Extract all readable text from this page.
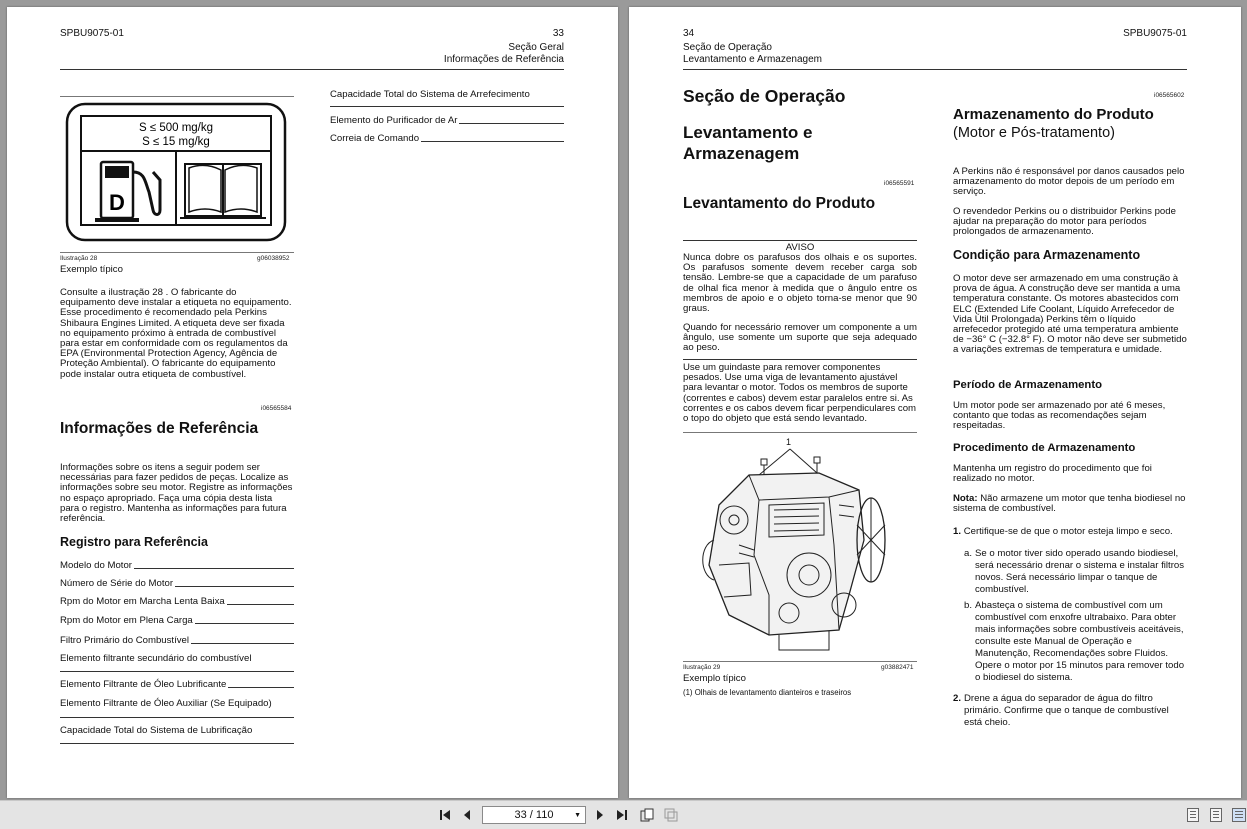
SPBU9075-01	33
Seção Geral
Informações de Referência
S ≤ 500 mg/kg
S ≤ 15 mg/kg
D
Ilustração 28	g06038952
Exemplo típico
Consulte a ilustração 28 . O fabricante do equipamento deve instalar a etiqueta no equipamento. Esse procedimento é recomendado pela Perkins Shibaura Engines Limited. A etiqueta deve ser fixada no equipamento próximo à entrada de combustível para estar em conformidade com os regulamentos da EPA (Environmental Protection Agency, Agência de Proteção Ambiental). O fabricante do equipamento pode instalar outra etiqueta de combustível.
i06565584
Informações de Referência
Informações sobre os itens a seguir podem ser necessárias para fazer pedidos de peças. Localize as informações sobre seu motor. Registre as informações no espaço apropriado. Faça uma cópia desta lista para o registro. Mantenha as informações para futura referência.
Registro para Referência
Modelo do Motor
Número de Série do Motor
Rpm do Motor em Marcha Lenta Baixa
Rpm do Motor em Plena Carga
Filtro Primário do Combustível
Elemento filtrante secundário do combustível
Elemento Filtrante de Óleo Lubrificante
Elemento Filtrante de Óleo Auxiliar (Se Equipado)
Capacidade Total do Sistema de Lubrificação
Capacidade Total do Sistema de Arrefecimento
Elemento do Purificador de Ar
Correia de Comando
34	SPBU9075-01
Seção de Operação
Levantamento e Armazenagem
Seção de Operação
Levantamento e Armazenagem
i06565591
Levantamento do Produto
AVISO
Nunca dobre os parafusos dos olhais e os suportes. Os parafusos somente devem receber carga sob tensão. Lembre-se que a capacidade de um parafuso de olhal fica menor à medida que o ângulo entre os membros de apoio e o objeto torna-se menor que 90 graus.
Quando for necessário remover um componente a um ângulo, use somente um suporte que seja adequado ao peso.
Use um guindaste para remover componentes pesados. Use uma viga de levantamento ajustável para levantar o motor. Todos os membros de suporte (correntes e cabos) devem estar paralelos entre si. As correntes e os cabos devem ficar perpendiculares com o topo do objeto que está sendo levantado.
1
Ilustração 29	g03882471
Exemplo típico
(1) Olhais de levantamento dianteiros e traseiros
i06565602
Armazenamento do Produto
(Motor e Pós-tratamento)
A Perkins não é responsável por danos causados pelo armazenamento do motor depois de um período em serviço.
O revendedor Perkins ou o distribuidor Perkins pode ajudar na preparação do motor para períodos prolongados de armazenamento.
Condição para Armazenamento
O motor deve ser armazenado em uma construção à prova de água. A construção deve ser mantida a uma temperatura constante. Os motores abastecidos com ELC (Extended Life Coolant, Líquido Arrefecedor de Vida Útil Prolongada) Perkins têm o líquido arrefecedor protegido até uma temperatura ambiente de −36° C (−32.8° F). O motor não deve ser submetido a variações extremas de temperatura e umidade.
Período de Armazenamento
Um motor pode ser armazenado por até 6 meses, contanto que todas as recomendações sejam respeitadas.
Procedimento de Armazenamento
Mantenha um registro do procedimento que foi realizado no motor.
Nota: Não armazene um motor que tenha biodiesel no sistema de combustível.
1. Certifique-se de que o motor esteja limpo e seco.
a. Se o motor tiver sido operado usando biodiesel, será necessário drenar o sistema e instalar filtros novos. Será necessário limpar o tanque de combustível.
b. Abasteça o sistema de combustível com um combustível com enxofre ultrabaixo. Para obter mais informações sobre combustíveis aceitáveis, consulte este Manual de Operação e Manutenção, Recomendações sobre Fluidos. Opere o motor por 15 minutos para remover todo o biodiesel do sistema.
2. Drene a água do separador de água do filtro primário. Confirme que o tanque de combustível está cheio.
33 / 110	▼
